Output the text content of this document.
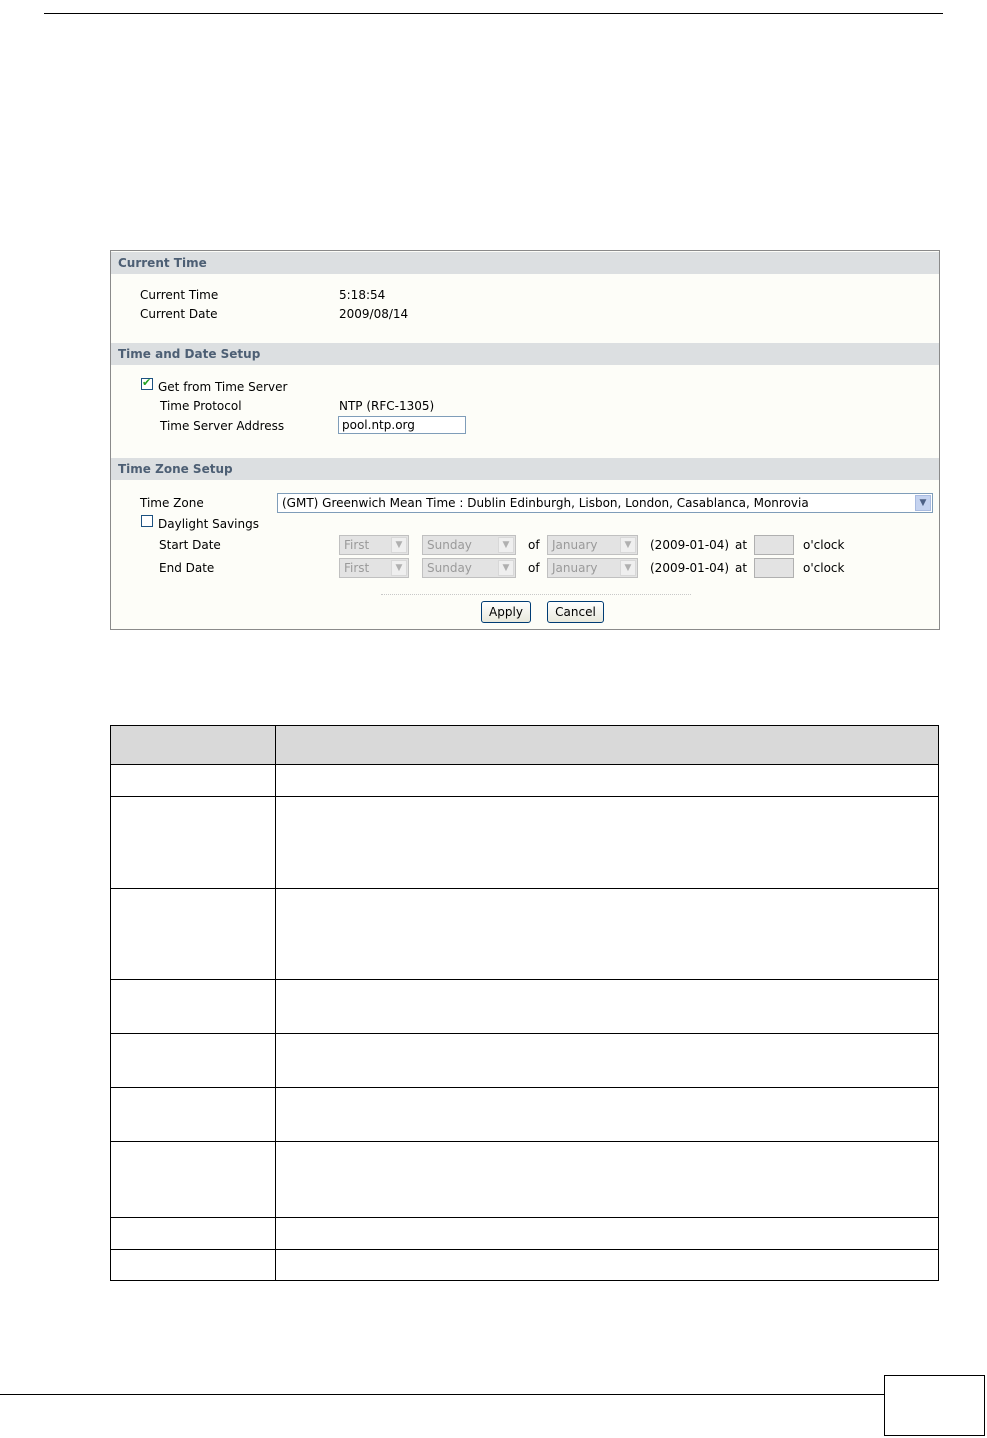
Current Time
Current Time	5:18:54
Current Date	2009/08/14
Time and Date Setup
✔ Get from Time Server
Time Protocol	NTP (RFC-1305)
Time Server Address	pool.ntp.org
Time Zone Setup
Time Zone	(GMT) Greenwich Mean Time : Dublin Edinburgh, Lisbon, London, Casablanca, Monrovia	▼
Daylight Savings
Start Date	First	▼	Sunday	▼	of	January	▼	(2009-01-04) at	o'clock
End Date	First	▼	Sunday	▼	of	January	▼	(2009-01-04) at	o'clock
Apply	Cancel
